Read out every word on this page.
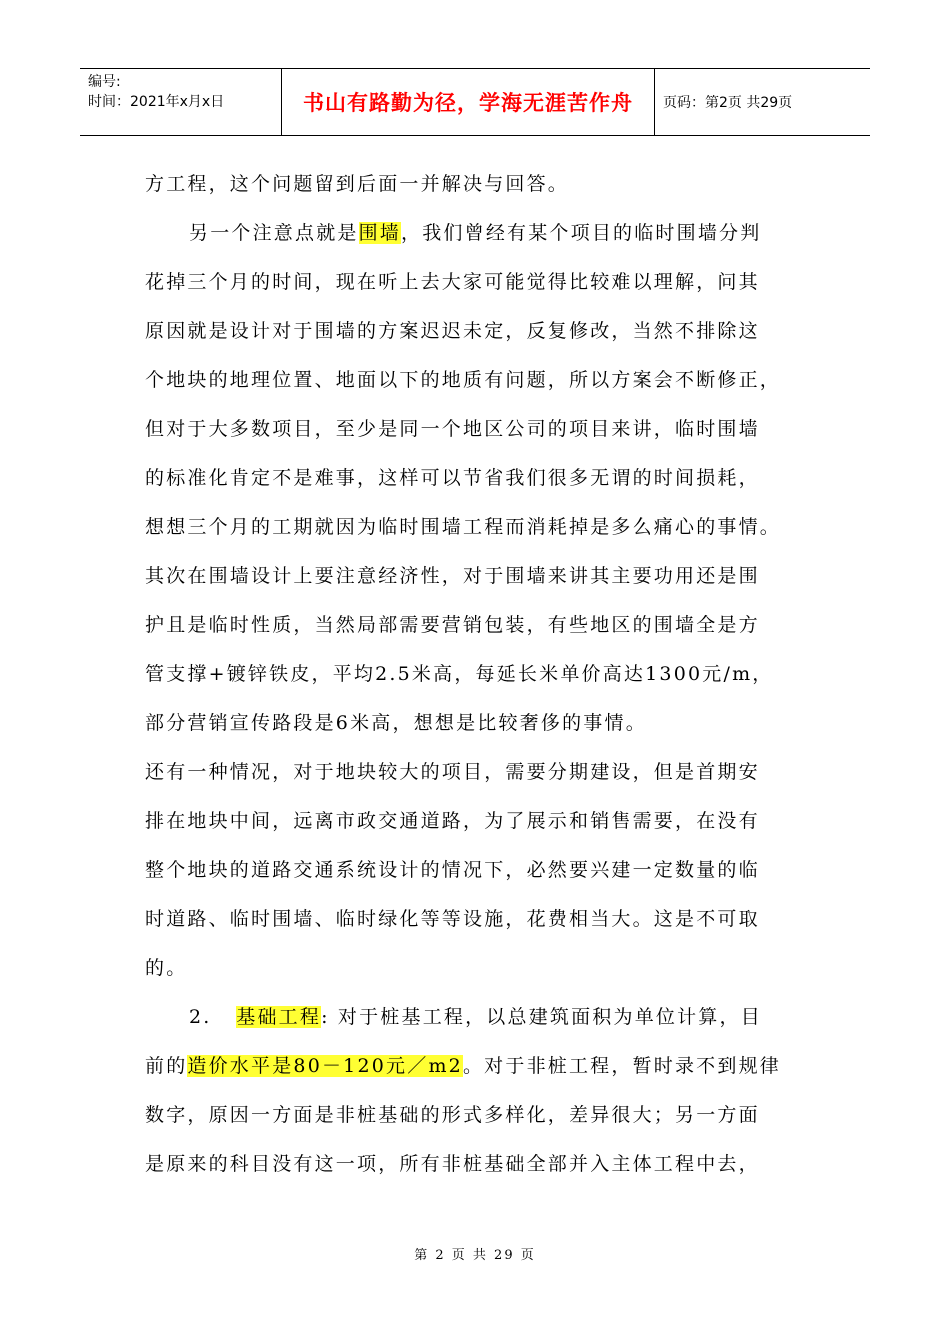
编号:
时间：2021年x月x日	书山有路勤为径，学海无涯苦作舟	页码：第2页 共29页
方工程，这个问题留到后面一并解决与回答。
另一个注意点就是围墙，我们曾经有某个项目的临时围墙分判
花掉三个月的时间，现在听上去大家可能觉得比较难以理解，问其
原因就是设计对于围墙的方案迟迟未定，反复修改，当然不排除这
个地块的地理位置、地面以下的地质有问题，所以方案会不断修正，
但对于大多数项目，至少是同一个地区公司的项目来讲，临时围墙
的标准化肯定不是难事，这样可以节省我们很多无谓的时间损耗，
想想三个月的工期就因为临时围墙工程而消耗掉是多么痛心的事情。
其次在围墙设计上要注意经济性，对于围墙来讲其主要功用还是围
护且是临时性质，当然局部需要营销包装，有些地区的围墙全是方
管支撑+镀锌铁皮，平均2.5米高，每延长米单价高达1300元/m，
部分营销宣传路段是6米高，想想是比较奢侈的事情。
还有一种情况，对于地块较大的项目，需要分期建设，但是首期安
排在地块中间，远离市政交通道路，为了展示和销售需要，在没有
整个地块的道路交通系统设计的情况下，必然要兴建一定数量的临
时道路、临时围墙、临时绿化等等设施，花费相当大。这是不可取
的。
2.   基础工程: 对于桩基工程，以总建筑面积为单位计算，目
前的造价水平是80－120元／m2。对于非桩工程，暂时录不到规律
数字，原因一方面是非桩基础的形式多样化，差异很大；另一方面
是原来的科目没有这一项，所有非桩基础全部并入主体工程中去，
第 2 页 共 29 页
